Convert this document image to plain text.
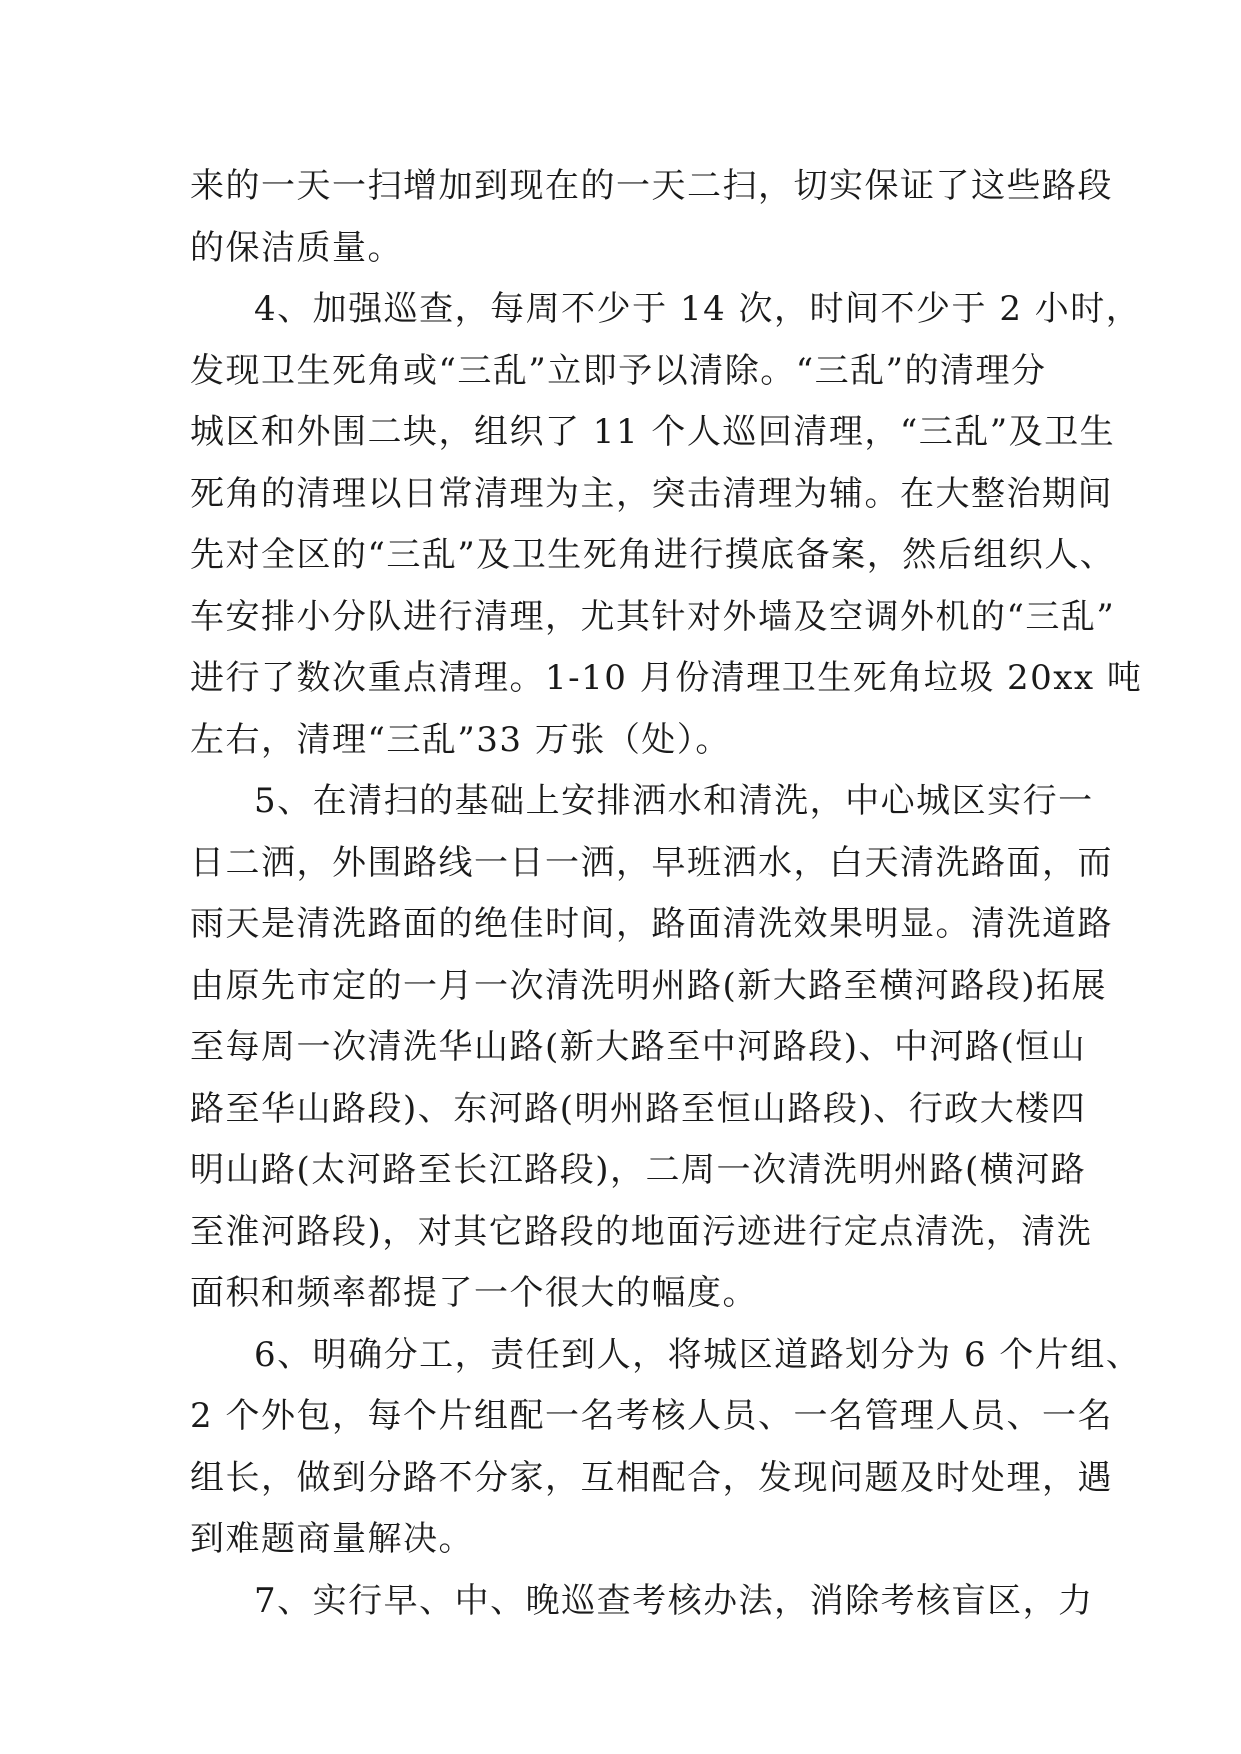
来的一天一扫增加到现在的一天二扫，切实保证了这些路段
的保洁质量。
4、加强巡查，每周不少于 14 次，时间不少于 2 小时，
发现卫生死角或“三乱”立即予以清除。“三乱”的清理分
城区和外围二块，组织了 11 个人巡回清理，“三乱”及卫生
死角的清理以日常清理为主，突击清理为辅。在大整治期间
先对全区的“三乱”及卫生死角进行摸底备案，然后组织人、
车安排小分队进行清理，尤其针对外墙及空调外机的“三乱”
进行了数次重点清理。1-10 月份清理卫生死角垃圾 20xx 吨
左右，清理“三乱”33 万张（处）。
5、在清扫的基础上安排洒水和清洗，中心城区实行一
日二洒，外围路线一日一洒，早班洒水，白天清洗路面，而
雨天是清洗路面的绝佳时间，路面清洗效果明显。清洗道路
由原先市定的一月一次清洗明州路(新大路至横河路段)拓展
至每周一次清洗华山路(新大路至中河路段)、中河路(恒山
路至华山路段)、东河路(明州路至恒山路段)、行政大楼四
明山路(太河路至长江路段)，二周一次清洗明州路(横河路
至淮河路段)，对其它路段的地面污迹进行定点清洗，清洗
面积和频率都提了一个很大的幅度。
6、明确分工，责任到人，将城区道路划分为 6 个片组、
2 个外包，每个片组配一名考核人员、一名管理人员、一名
组长，做到分路不分家，互相配合，发现问题及时处理，遇
到难题商量解决。
7、实行早、中、晚巡查考核办法，消除考核盲区，力
